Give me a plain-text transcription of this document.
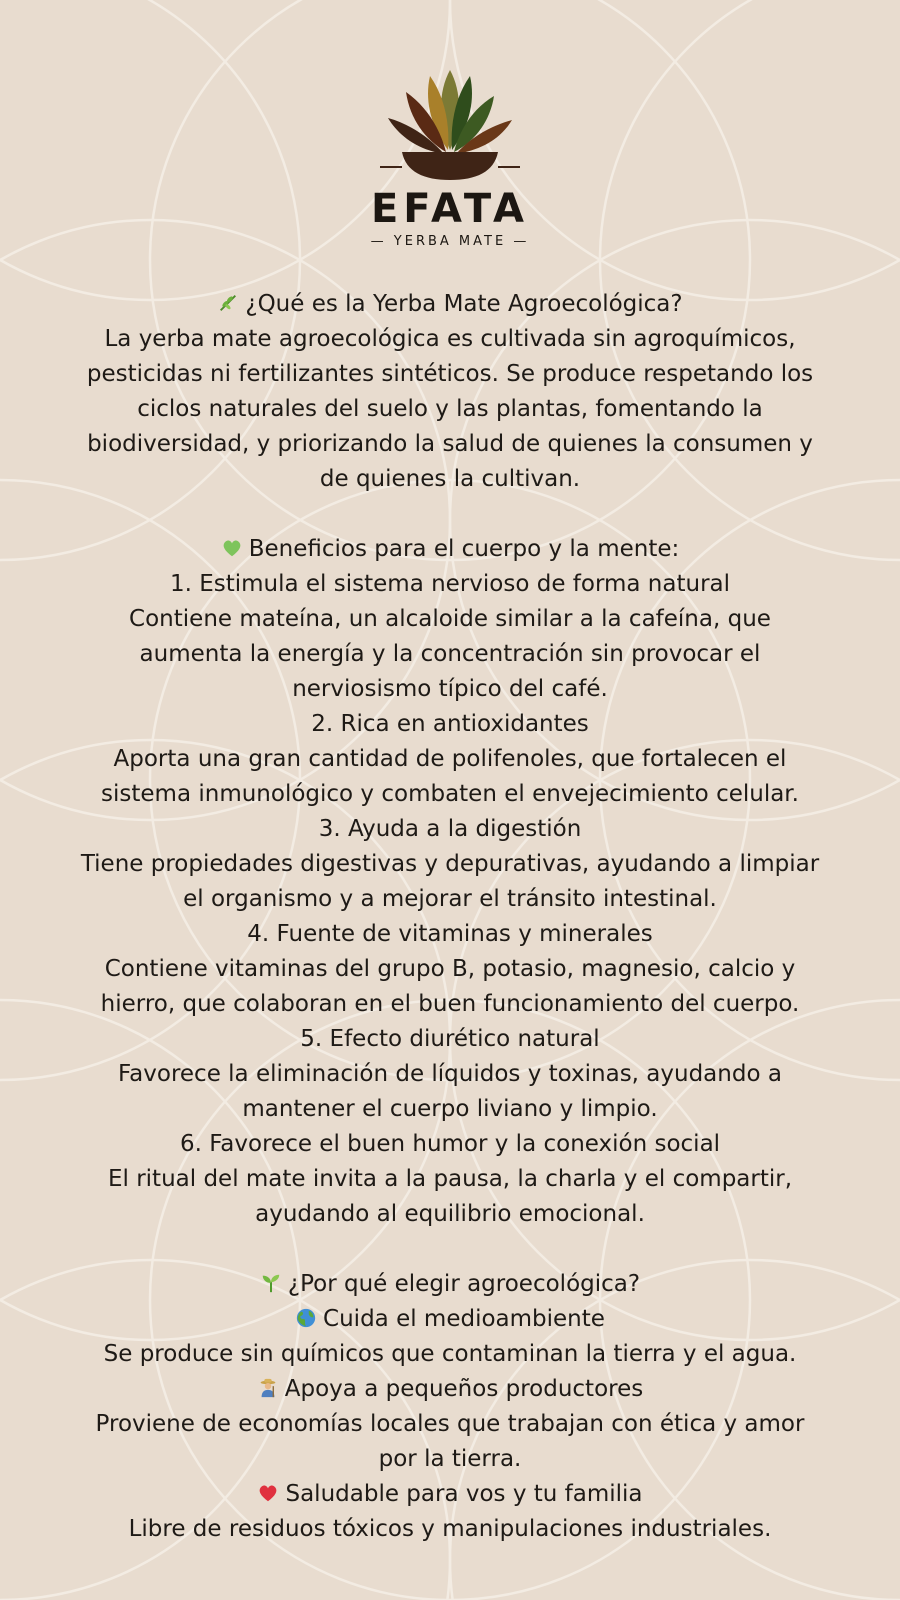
EFATA
— YERBA MATE —
¿Qué es la Yerba Mate Agroecológica?
La yerba mate agroecológica es cultivada sin agroquímicos,
pesticidas ni fertilizantes sintéticos. Se produce respetando los
ciclos naturales del suelo y las plantas, fomentando la
biodiversidad, y priorizando la salud de quienes la consumen y
de quienes la cultivan.
Beneficios para el cuerpo y la mente:
1. Estimula el sistema nervioso de forma natural
Contiene mateína, un alcaloide similar a la cafeína, que
aumenta la energía y la concentración sin provocar el
nerviosismo típico del café.
2. Rica en antioxidantes
Aporta una gran cantidad de polifenoles, que fortalecen el
sistema inmunológico y combaten el envejecimiento celular.
3. Ayuda a la digestión
Tiene propiedades digestivas y depurativas, ayudando a limpiar
el organismo y a mejorar el tránsito intestinal.
4. Fuente de vitaminas y minerales
Contiene vitaminas del grupo B, potasio, magnesio, calcio y
hierro, que colaboran en el buen funcionamiento del cuerpo.
5. Efecto diurético natural
Favorece la eliminación de líquidos y toxinas, ayudando a
mantener el cuerpo liviano y limpio.
6. Favorece el buen humor y la conexión social
El ritual del mate invita a la pausa, la charla y el compartir,
ayudando al equilibrio emocional.
¿Por qué elegir agroecológica?
Cuida el medioambiente
Se produce sin químicos que contaminan la tierra y el agua.
Apoya a pequeños productores
Proviene de economías locales que trabajan con ética y amor
por la tierra.
Saludable para vos y tu familia
Libre de residuos tóxicos y manipulaciones industriales.
